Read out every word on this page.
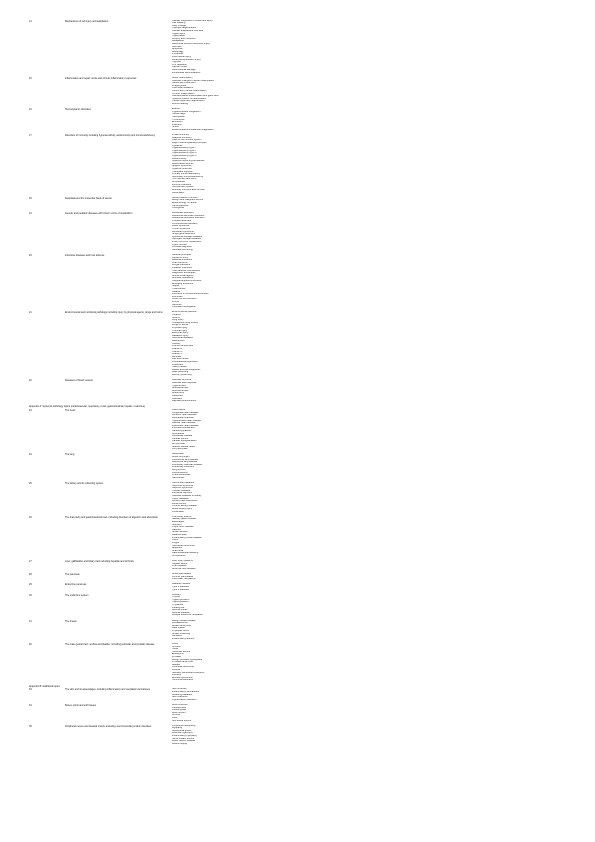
14	Mechanisms of cell injury and adaptation	Cellular responses to stress and injury
Cell swelling
Fatty change
Hydropic degeneration
Cellular adaptations overview
Hypertrophy
Hyperplasia
Atrophy and involution
Metaplasia
Reversible versus irreversible injury
Necrosis
Apoptosis
Autophagy
Pyroptosis
Free radical injury
Ischemia-reperfusion injury
Hypoxia
ATP depletion
Calcium influx
Mitochondrial damage
Intracellular accumulations
15	Inflammation and repair: acute and chronic inflammatory responses	Acute inflammation
Vascular changes in acute inflammation
Leukocyte recruitment
Phagocytosis
Chemical mediators
Outcomes of acute inflammation
Chronic inflammation
Granulomatous inflammation and giant cells
Systemic effects of inflammation
Tissue repair and regeneration
Wound healing
16	Hemodynamic disorders	Edema
Hyperemia and congestion
Hemorrhage
Hemostasis
Thrombosis
Embolism
Infarction
Shock
Disseminated intravascular coagulation
17	Disorders of immunity including hypersensitivity, autoimmunity and immunodeficiency	Innate immunity
Adaptive immunity
Cells of the immune system
Major histocompatibility complex
Cytokines
Hypersensitivity type I
Hypersensitivity type II
Hypersensitivity type III
Hypersensitivity type IV
Autoimmunity
Systemic lupus erythematosus
Rheumatoid arthritis
Sjogren syndrome
Systemic sclerosis
Transplant rejection
Primary immunodeficiency
Secondary immunodeficiency
HIV infection and AIDS
Amyloidosis
Immune tolerance
Complement system
Antibody structure and function
Vaccination
18	Neoplasia and the molecular basis of cancer	Nomenclature of tumors
Benign and malignant tumors
Epidemiology of cancer
Carcinogenesis
Oncogenes
19	Genetic and pediatric diseases with inborn errors of metabolism	Mendelian disorders
Autosomal dominant disorders
Autosomal recessive disorders
X-linked disorders
Chromosomal disorders
Down syndrome
Turner syndrome
Klinefelter syndrome
Single gene disorders
Lysosomal storage diseases
Glycogen storage diseases
Inborn errors of metabolism
Cystic fibrosis
Prenatal diagnosis
Neonatal screening
20	Infectious diseases and host defense	General principles
Routes of entry
Bacterial infections
Viral infections
Fungal infections
Parasitic infections
Host defense mechanisms
Diagnostic techniques
Antimicrobial agents
Antibiotic resistance
Hospital acquired infections
Emerging infections
Sepsis
Tuberculosis
Malaria
Infections in immunocompromised
Zoonoses
Vector borne infections
Prions
Vaccines
Outbreak investigation
21	Environmental and nutritional pathology including injury by physical agents, drugs and toxins	Environmental pollution
Tobacco
Alcohol
Drug injury
Therapeutic drug toxicity
Drugs of abuse
Physical injury
Thermal injury
Electrical injury
Radiation injury
Nutritional diseases
Malnutrition
Obesity
Vitamin deficiencies
Vitamin A
Vitamin D
Vitamin C
Minerals
Diet and cancer
Occupational exposures
Pesticides
Heavy metals
Metals and carcinogenesis
Lead poisoning
Mercury poisoning
22	Diseases of blood vessels	Vascular structure
Vascular wall response
Hypertension
Arteriosclerosis
Atherosclerosis
Aneurysms
Dissection
Vasculitis
Raynaud phenomenon
Appendix A: Systemic pathology topics (cardiovascular, respiratory, renal, gastrointestinal, hepatic, endocrine)
23	The heart	Heart failure
Congenital heart disease
Ischemic heart disease
Myocardial infarction
Hypertensive heart disease
Valvular heart disease
Rheumatic heart disease
Infective endocarditis
Cardiomyopathies
Myocarditis
Pericardial disease
Cardiac tumors
Cardiac transplantation
Arrhythmias
Sudden cardiac death
Cor pulmonale
24	The lung	Atelectasis
Acute lung injury
Obstructive lung disease
Restrictive lung disease
Pulmonary vascular disease
Pulmonary infections
Lung tumors
Pleural lesions
Pneumoconioses
Sarcoidosis
25	The kidney and its collecting system	Glomerular diseases
Nephrotic syndrome
Nephritic syndrome
Tubular diseases
Interstitial nephritis
Vascular diseases of kidney
Cystic diseases
Urinary tract obstruction
Renal tumors
Chronic kidney disease
Acute kidney injury
Urolithiasis
26	The oral cavity and gastrointestinal tract, including disorders of digestion and absorption	Oral cavity lesions
Salivary gland disease
Esophagus
Stomach
Peptic ulcer disease
Gastritis
Small intestine
Malabsorption
Inflammatory bowel disease
Colon
Polyps
Colorectal carcinoma
Appendix
Anal canal
Gastrointestinal bleeding
GI infections
27	Liver, gallbladder and biliary tract including hepatitis and cirrhosis	Liver injury patterns
Hepatic failure
Viral hepatitis
Alcoholic liver disease
28	The pancreas	Acute pancreatitis
Chronic pancreatitis
Pancreatic neoplasms
29	Endocrine pancreas	Diabetes mellitus
Type 1 diabetes
Type 2 diabetes
30	The endocrine system	Pituitary
Thyroid
Hyperthyroidism
Hypothyroidism
Thyroiditis
Parathyroid
Adrenal cortex
Adrenal medulla
Multiple endocrine neoplasia
31	The breast	Benign breast disease
Fibroadenoma
Breast carcinoma
Male breast
Phyllodes tumor
Breast screening
Lactation
Inflammatory lesions
32	The male genital tract, urethra and bladder, including testicular and prostatic disease	Penis
Scrotum
Testis
Testicular tumors
Epididymis
Prostate
Benign prostatic hyperplasia
Prostate carcinoma
Bladder
Urothelial carcinoma
Urethra
Sexually transmitted infections
Infertility
Erectile dysfunction
Hormonal disorders
Appendix B: Additional topics
33	The skin and its appendages, including inflammatory and neoplastic dermatoses	Skin structure
Inflammatory dermatoses
Blistering diseases
Skin infections
Pigmentation disorders
34	Bones, joints and soft tissues	Bone structure
Osteoporosis
Osteomyelitis
Bone tumors
Arthritis
Gout
Soft tissue tumors
35	Peripheral nerves and skeletal muscle including neuromuscular junction disorders	Peripheral neuropathy
Myopathy
Myasthenia gravis
Muscular dystrophy
Inflammatory myopathy
Nerve sheath tumors
Motor neuron disease
Muscle biopsy
